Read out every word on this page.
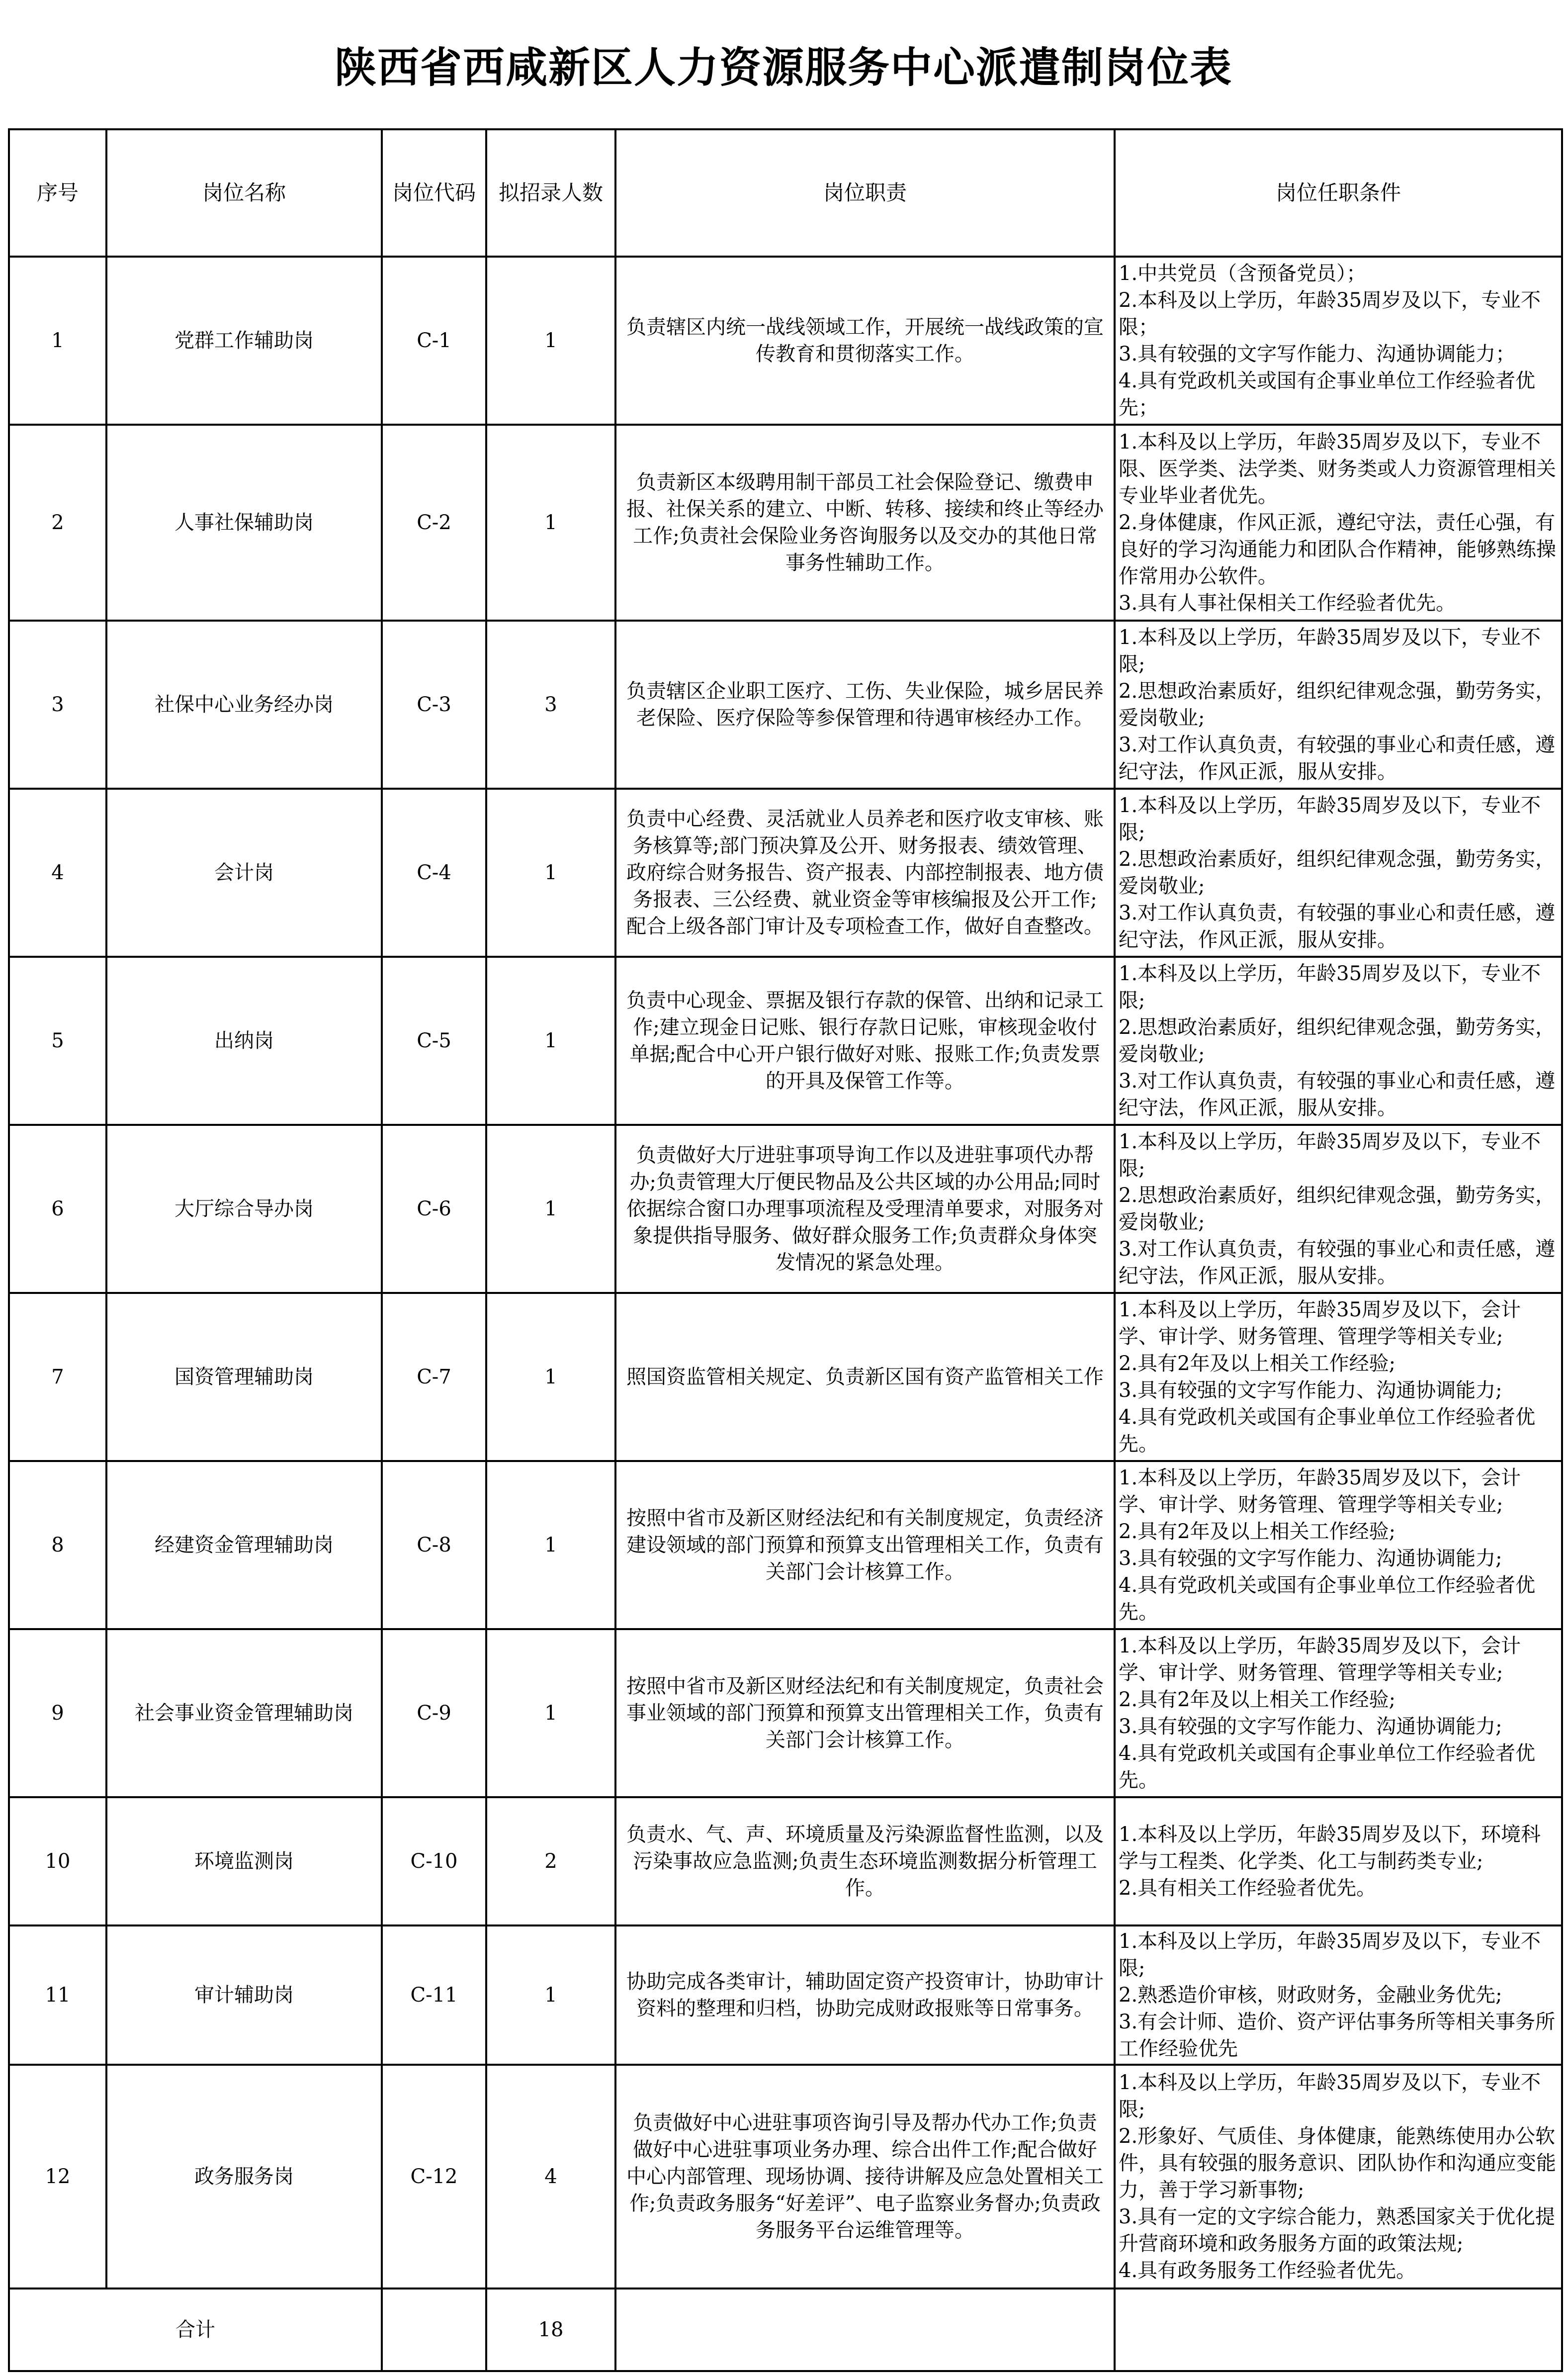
陕西省西咸新区人力资源服务中心派遣制岗位表
序号	岗位名称	岗位代码	拟招录人数	岗位职责	岗位任职条件
1	党群工作辅助岗	C-1	1	负责辖区内统一战线领域工作，开展统一战线政策的宣传教育和贯彻落实工作。	1.中共党员（含预备党员）；
2.本科及以上学历，年龄35周岁及以下，专业不限；
3.具有较强的文字写作能力、沟通协调能力；
4.具有党政机关或国有企事业单位工作经验者优先；

2	人事社保辅助岗	C-2	1	负责新区本级聘用制干部员工社会保险登记、缴费申报、社保关系的建立、中断、转移、接续和终止等经办工作;负责社会保险业务咨询服务以及交办的其他日常事务性辅助工作。	1.本科及以上学历，年龄35周岁及以下，专业不限、医学类、法学类、财务类或人力资源管理相关专业毕业者优先。
2.身体健康，作风正派，遵纪守法，责任心强，有良好的学习沟通能力和团队合作精神，能够熟练操作常用办公软件。
3.具有人事社保相关工作经验者优先。

3	社保中心业务经办岗	C-3	3	负责辖区企业职工医疗、工伤、失业保险，城乡居民养老保险、医疗保险等参保管理和待遇审核经办工作。	1.本科及以上学历，年龄35周岁及以下，专业不限;
2.思想政治素质好，组织纪律观念强，勤劳务实，爱岗敬业;
3.对工作认真负责，有较强的事业心和责任感，遵纪守法，作风正派，服从安排。

4	会计岗	C-4	1	负责中心经费、灵活就业人员养老和医疗收支审核、账务核算等;部门预决算及公开、财务报表、绩效管理、政府综合财务报告、资产报表、内部控制报表、地方债务报表、三公经费、就业资金等审核编报及公开工作;配合上级各部门审计及专项检查工作，做好自查整改。	1.本科及以上学历，年龄35周岁及以下，专业不限;
2.思想政治素质好，组织纪律观念强，勤劳务实，爱岗敬业;
3.对工作认真负责，有较强的事业心和责任感，遵纪守法，作风正派，服从安排。

5	出纳岗	C-5	1	负责中心现金、票据及银行存款的保管、出纳和记录工作;建立现金日记账、银行存款日记账，审核现金收付单据;配合中心开户银行做好对账、报账工作;负责发票的开具及保管工作等。	1.本科及以上学历，年龄35周岁及以下，专业不限;
2.思想政治素质好，组织纪律观念强，勤劳务实，爱岗敬业;
3.对工作认真负责，有较强的事业心和责任感，遵纪守法，作风正派，服从安排。

6	大厅综合导办岗	C-6	1	负责做好大厅进驻事项导询工作以及进驻事项代办帮办;负责管理大厅便民物品及公共区域的办公用品;同时依据综合窗口办理事项流程及受理清单要求，对服务对象提供指导服务、做好群众服务工作;负责群众身体突发情况的紧急处理。	1.本科及以上学历，年龄35周岁及以下，专业不限;
2.思想政治素质好，组织纪律观念强，勤劳务实，爱岗敬业;
3.对工作认真负责，有较强的事业心和责任感，遵纪守法，作风正派，服从安排。

7	国资管理辅助岗	C-7	1	照国资监管相关规定、负责新区国有资产监管相关工作	1.本科及以上学历，年龄35周岁及以下，会计学、审计学、财务管理、管理学等相关专业;
2.具有2年及以上相关工作经验;
3.具有较强的文字写作能力、沟通协调能力;
4.具有党政机关或国有企事业单位工作经验者优先。

8	经建资金管理辅助岗	C-8	1	按照中省市及新区财经法纪和有关制度规定，负责经济建设领域的部门预算和预算支出管理相关工作，负责有关部门会计核算工作。	1.本科及以上学历，年龄35周岁及以下，会计学、审计学、财务管理、管理学等相关专业;
2.具有2年及以上相关工作经验;
3.具有较强的文字写作能力、沟通协调能力;
4.具有党政机关或国有企事业单位工作经验者优先。

9	社会事业资金管理辅助岗	C-9	1	按照中省市及新区财经法纪和有关制度规定，负责社会事业领域的部门预算和预算支出管理相关工作，负责有关部门会计核算工作。	1.本科及以上学历，年龄35周岁及以下，会计学、审计学、财务管理、管理学等相关专业;
2.具有2年及以上相关工作经验;
3.具有较强的文字写作能力、沟通协调能力;
4.具有党政机关或国有企事业单位工作经验者优先。

10	环境监测岗	C-10	2	负责水、气、声、环境质量及污染源监督性监测，以及污染事故应急监测;负责生态环境监测数据分析管理工作。	1.本科及以上学历，年龄35周岁及以下，环境科学与工程类、化学类、化工与制药类专业;
2.具有相关工作经验者优先。

11	审计辅助岗	C-11	1	协助完成各类审计，辅助固定资产投资审计，协助审计资料的整理和归档，协助完成财政报账等日常事务。	1.本科及以上学历，年龄35周岁及以下，专业不限;
2.熟悉造价审核，财政财务，金融业务优先;
3.有会计师、造价、资产评估事务所等相关事务所工作经验优先

12	政务服务岗	C-12	4	负责做好中心进驻事项咨询引导及帮办代办工作;负责做好中心进驻事项业务办理、综合出件工作;配合做好中心内部管理、现场协调、接待讲解及应急处置相关工作;负责政务服务“好差评”、电子监察业务督办;负责政务服务平台运维管理等。	1.本科及以上学历，年龄35周岁及以下，专业不限;
2.形象好、气质佳、身体健康，能熟练使用办公软件，具有较强的服务意识、团队协作和沟通应变能力，善于学习新事物;
3.具有一定的文字综合能力，熟悉国家关于优化提升营商环境和政务服务方面的政策法规;
4.具有政务服务工作经验者优先。

合计			18		
